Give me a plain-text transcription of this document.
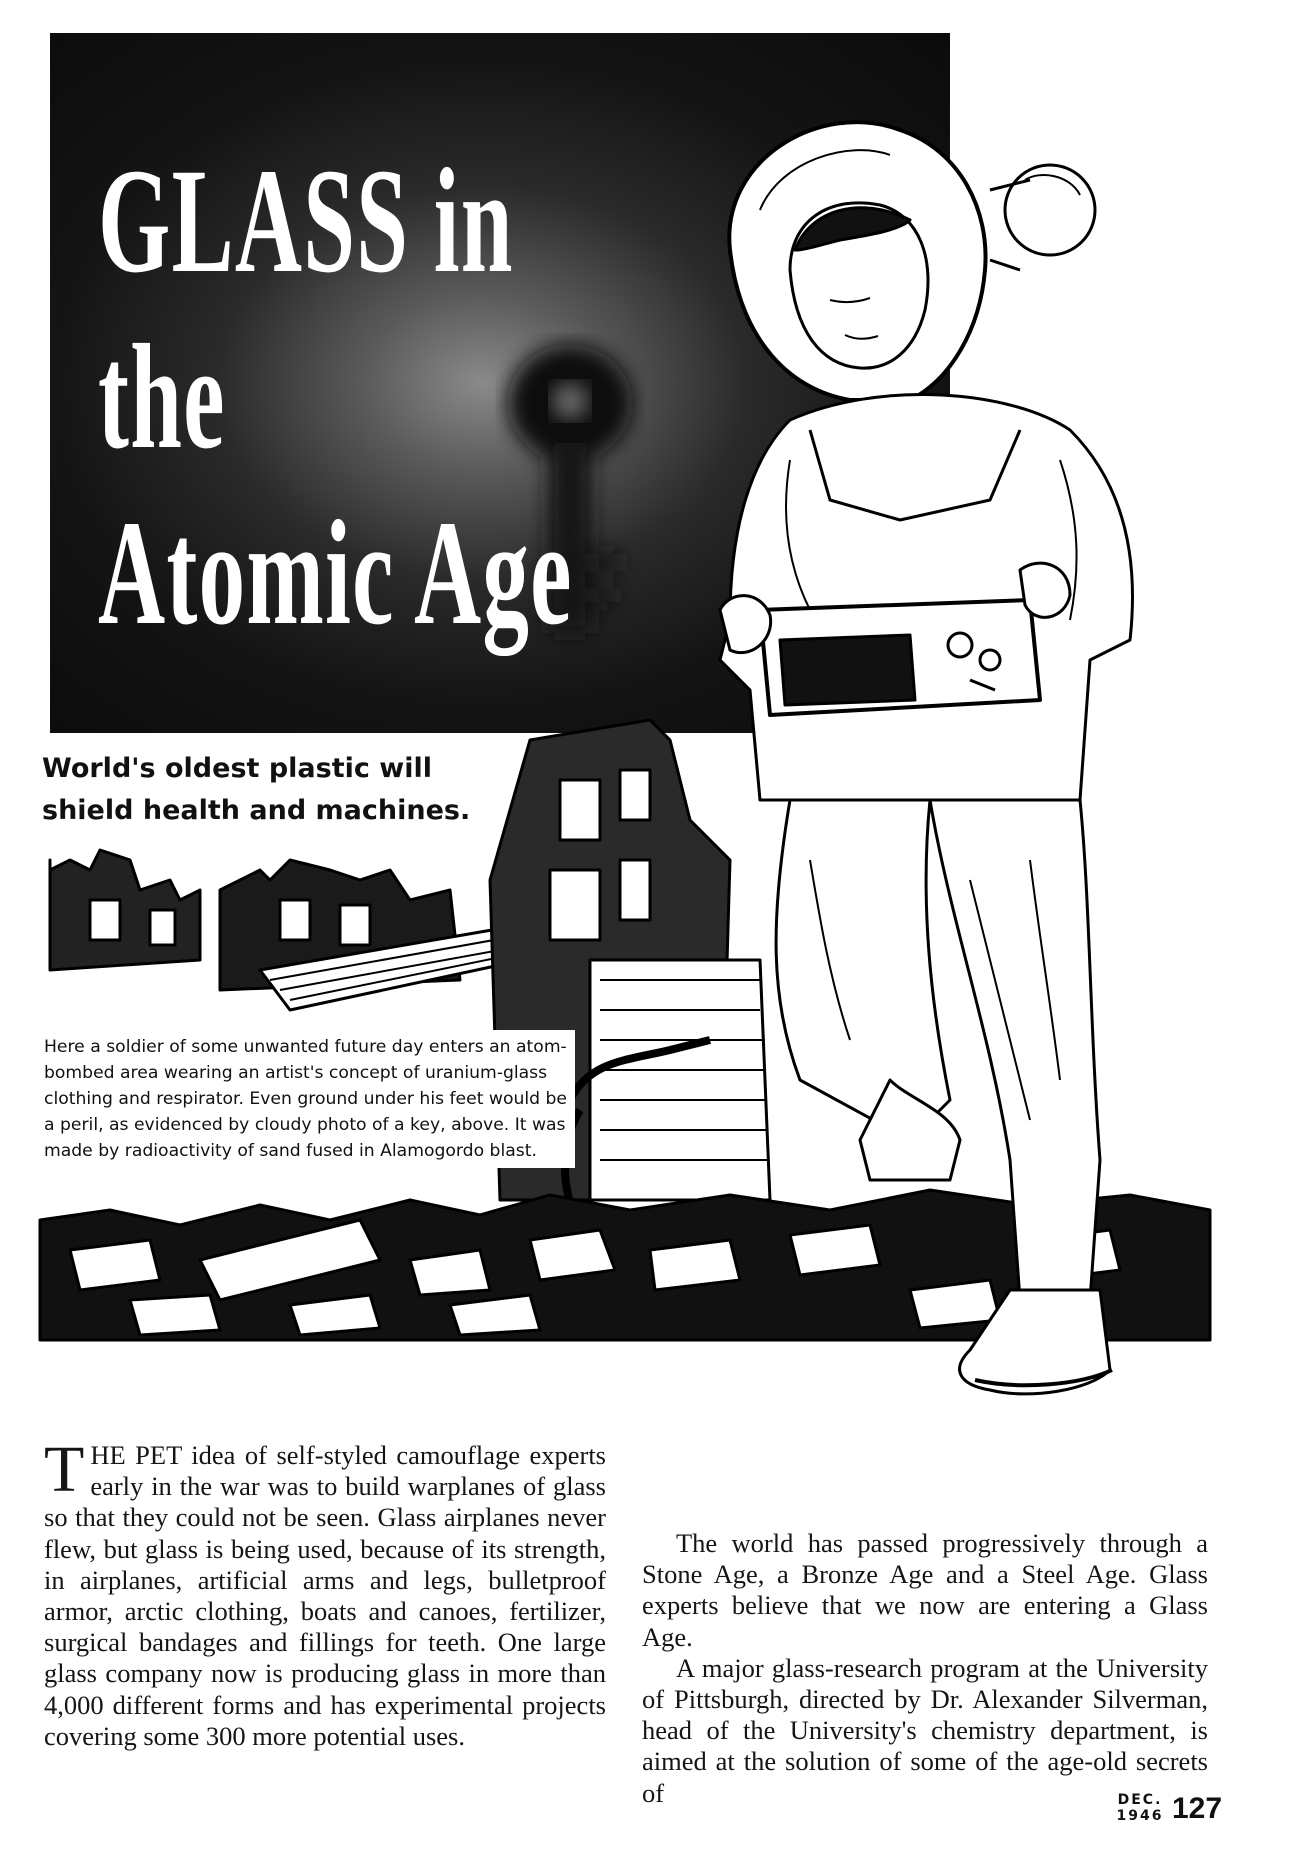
GLASS in
the
Atomic Age

World's oldest plastic will shield health and machines.

Here a soldier of some unwanted future day enters an atom-bombed area wearing an artist's concept of uranium-glass clothing and respirator. Even ground under his feet would be a peril, as evidenced by cloudy photo of a key, above. It was made by radioactivity of sand fused in Alamogordo blast.

THE PET idea of self-styled camouflage experts early in the war was to build warplanes of glass so that they could not be seen. Glass airplanes never flew, but glass is being used, because of its strength, in airplanes, artificial arms and legs, bulletproof armor, arctic clothing, boats and canoes, fertilizer, surgical bandages and fillings for teeth. One large glass company now is producing glass in more than 4,000 different forms and has experimental projects covering some 300 more potential uses.

The world has passed progressively through a Stone Age, a Bronze Age and a Steel Age. Glass experts believe that we now are entering a Glass Age.

A major glass-research program at the University of Pittsburgh, directed by Dr. Alexander Silverman, head of the University's chemistry department, is aimed at the solution of some of the age-old secrets of	DEC.
1946 127
